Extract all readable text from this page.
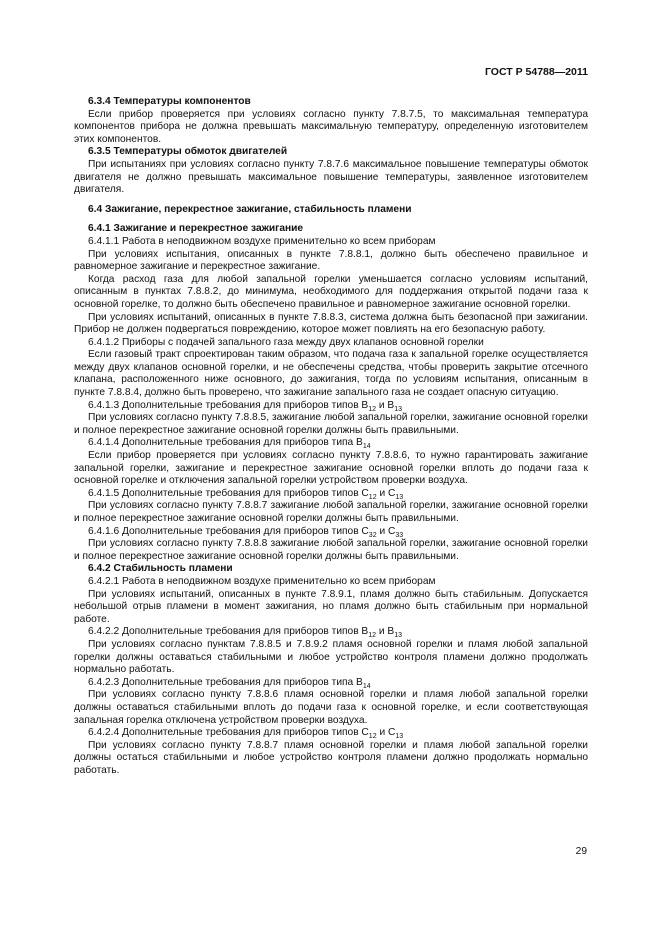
ГОСТ Р 54788—2011

6.3.4 Температуры компонентов

Если прибор проверяется при условиях согласно пункту 7.8.7.5, то максимальная температура компонентов прибора не должна превышать максимальную температуру, определенную изготовителем этих компонентов.

6.3.5 Температуры обмоток двигателей

При испытаниях при условиях согласно пункту 7.8.7.6 максимальное повышение температуры обмоток двигателя не должно превышать максимальное повышение температуры, заявленное изготовителем двигателя.

6.4 Зажигание, перекрестное зажигание, стабильность пламени

6.4.1 Зажигание и перекрестное зажигание

6.4.1.1 Работа в неподвижном воздухе применительно ко всем приборам

При условиях испытания, описанных в пункте 7.8.8.1, должно быть обеспечено правильное и равномерное зажигание и перекрестное зажигание.

Когда расход газа для любой запальной горелки уменьшается согласно условиям испытаний, описанным в пунктах 7.8.8.2, до минимума, необходимого для поддержания открытой подачи газа к основной горелке, то должно быть обеспечено правильное и равномерное зажигание основной горелки.

При условиях испытаний, описанных в пункте 7.8.8.3, система должна быть безопасной при зажигании. Прибор не должен подвергаться повреждению, которое может повлиять на его безопасную работу.

6.4.1.2 Приборы с подачей запального газа между двух клапанов основной горелки

Если газовый тракт спроектирован таким образом, что подача газа к запальной горелке осуществляется между двух клапанов основной горелки, и не обеспечены средства, чтобы проверить закрытие отсечного клапана, расположенного ниже основного, до зажигания, тогда по условиям испытания, описанным в пункте 7.8.8.4, должно быть проверено, что зажигание запального газа не создает опасную ситуацию.

6.4.1.3 Дополнительные требования для приборов типов $B_{12}$ и $B_{13}$

При условиях согласно пункту 7.8.8.5, зажигание любой запальной горелки, зажигание основной горелки и полное перекрестное зажигание основной горелки должны быть правильными.

6.4.1.4 Дополнительные требования для приборов типа $B_{14}$

Если прибор проверяется при условиях согласно пункту 7.8.8.6, то нужно гарантировать зажигание запальной горелки, зажигание и перекрестное зажигание основной горелки вплоть до подачи газа к основной горелке и отключения запальной горелки устройством проверки воздуха.

6.4.1.5 Дополнительные требования для приборов типов $C_{12}$ и $C_{13}$

При условиях согласно пункту 7.8.8.7 зажигание любой запальной горелки, зажигание основной горелки и полное перекрестное зажигание основной горелки должны быть правильными.

6.4.1.6 Дополнительные требования для приборов типов $C_{32}$ и $C_{33}$

При условиях согласно пункту 7.8.8.8 зажигание любой запальной горелки, зажигание основной горелки и полное перекрестное зажигание основной горелки должны быть правильными.

6.4.2 Стабильность пламени

6.4.2.1 Работа в неподвижном воздухе применительно ко всем приборам

При условиях испытаний, описанных в пункте 7.8.9.1, пламя должно быть стабильным. Допускается небольшой отрыв пламени в момент зажигания, но пламя должно быть стабильным при нормальной работе.

6.4.2.2 Дополнительные требования для приборов типов $B_{12}$ и $B_{13}$

При условиях согласно пунктам 7.8.8.5 и 7.8.9.2 пламя основной горелки и пламя любой запальной горелки должны оставаться стабильными и любое устройство контроля пламени должно продолжать нормально работать.

6.4.2.3 Дополнительные требования для приборов типа $B_{14}$

При условиях согласно пункту 7.8.8.6 пламя основной горелки и пламя любой запальной горелки должны оставаться стабильными вплоть до подачи газа к основной горелке, и если соответствующая запальная горелка отключена устройством проверки воздуха.

6.4.2.4 Дополнительные требования для приборов типов $C_{12}$ и $C_{13}$

При условиях согласно пункту 7.8.8.7 пламя основной горелки и пламя любой запальной горелки должны остаться стабильными и любое устройство контроля пламени должно продолжать нормально работать.

29
